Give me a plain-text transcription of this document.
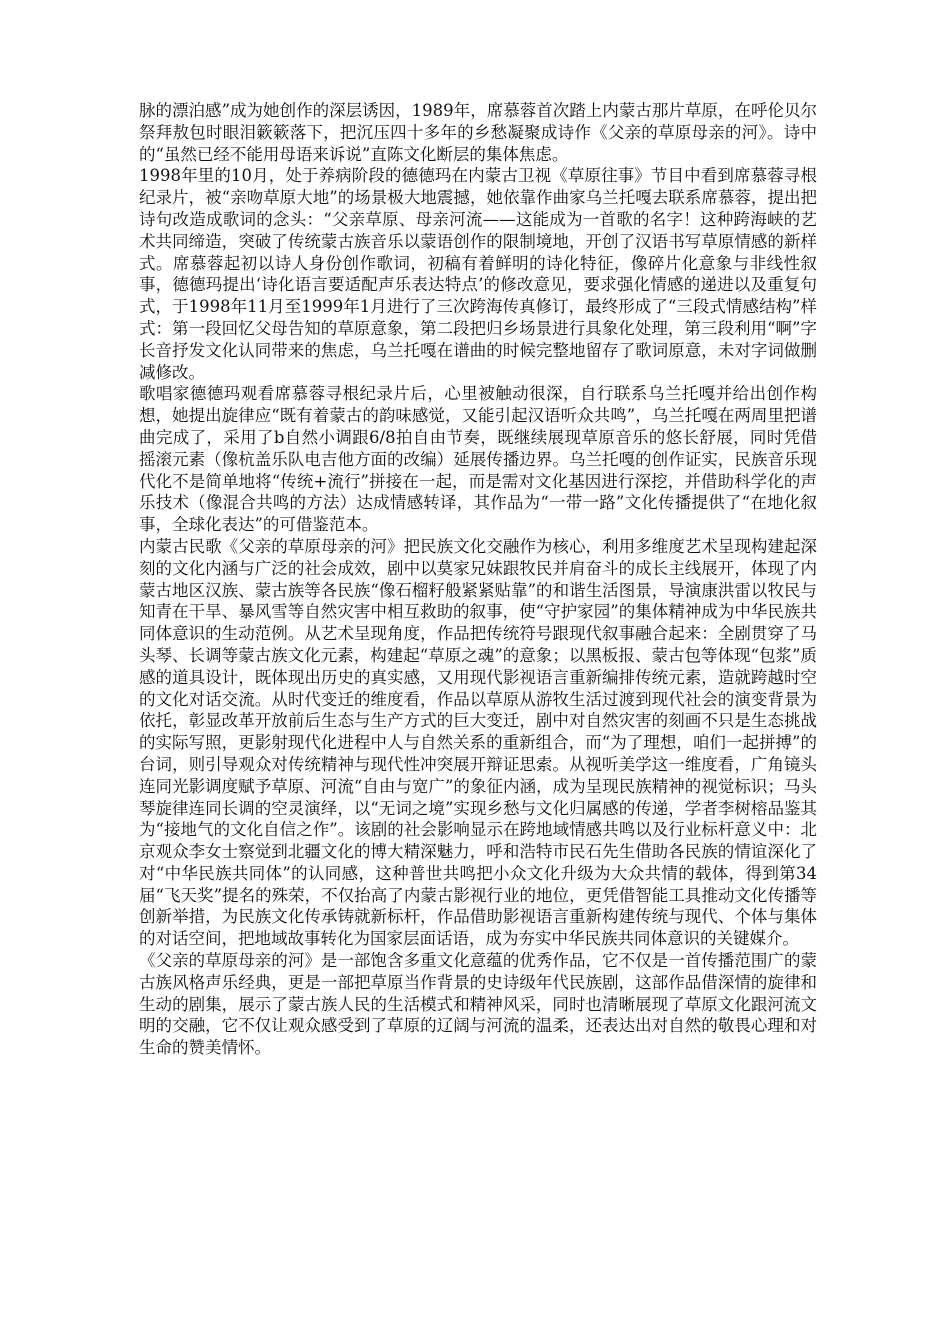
脉的漂泊感”成为她创作的深层诱因，1989年，席慕蓉首次踏上内蒙古那片草原，在呼伦贝尔祭拜敖包时眼泪簌簌落下，把沉压四十多年的乡愁凝聚成诗作《父亲的草原母亲的河》。诗中的“虽然已经不能用母语来诉说”直陈文化断层的集体焦虑。

1998年里的10月，处于养病阶段的德德玛在内蒙古卫视《草原往事》节目中看到席慕蓉寻根纪录片，被“亲吻草原大地”的场景极大地震撼，她依靠作曲家乌兰托嘎去联系席慕蓉，提出把诗句改造成歌词的念头：“父亲草原、母亲河流——这能成为一首歌的名字！这种跨海峡的艺术共同缔造，突破了传统蒙古族音乐以蒙语创作的限制境地，开创了汉语书写草原情感的新样式。席慕蓉起初以诗人身份创作歌词，初稿有着鲜明的诗化特征，像碎片化意象与非线性叙事，德德玛提出‘诗化语言要适配声乐表达特点’的修改意见，要求强化情感的递进以及重复句式，于1998年11月至1999年1月进行了三次跨海传真修订，最终形成了“三段式情感结构”样式：第一段回忆父母告知的草原意象，第二段把归乡场景进行具象化处理，第三段利用“啊”字长音抒发文化认同带来的焦虑，乌兰托嘎在谱曲的时候完整地留存了歌词原意，未对字词做删减修改。

歌唱家德德玛观看席慕蓉寻根纪录片后，心里被触动很深，自行联系乌兰托嘎并给出创作构想，她提出旋律应“既有着蒙古的韵味感觉，又能引起汉语听众共鸣”，乌兰托嘎在两周里把谱曲完成了，采用了b自然小调跟6/8拍自由节奏，既继续展现草原音乐的悠长舒展，同时凭借摇滚元素（像杭盖乐队电吉他方面的改编）延展传播边界。乌兰托嘎的创作证实，民族音乐现代化不是简单地将“传统+流行”拼接在一起，而是需对文化基因进行深挖，并借助科学化的声乐技术（像混合共鸣的方法）达成情感转译，其作品为“一带一路”文化传播提供了“在地化叙事，全球化表达”的可借鉴范本。

内蒙古民歌《父亲的草原母亲的河》把民族文化交融作为核心，利用多维度艺术呈现构建起深刻的文化内涵与广泛的社会成效，剧中以莫家兄妹跟牧民并肩奋斗的成长主线展开，体现了内蒙古地区汉族、蒙古族等各民族“像石榴籽般紧紧贴靠”的和谐生活图景，导演康洪雷以牧民与知青在干旱、暴风雪等自然灾害中相互救助的叙事，使“守护家园”的集体精神成为中华民族共同体意识的生动范例。从艺术呈现角度，作品把传统符号跟现代叙事融合起来：全剧贯穿了马头琴、长调等蒙古族文化元素，构建起“草原之魂”的意象；以黑板报、蒙古包等体现“包浆”质感的道具设计，既体现出历史的真实感，又用现代影视语言重新编排传统元素，造就跨越时空的文化对话交流。从时代变迁的维度看，作品以草原从游牧生活过渡到现代社会的演变背景为依托，彰显改革开放前后生态与生产方式的巨大变迁，剧中对自然灾害的刻画不只是生态挑战的实际写照，更影射现代化进程中人与自然关系的重新组合，而“为了理想，咱们一起拼搏”的台词，则引导观众对传统精神与现代性冲突展开辩证思索。从视听美学这一维度看，广角镜头连同光影调度赋予草原、河流“自由与宽广”的象征内涵，成为呈现民族精神的视觉标识；马头琴旋律连同长调的空灵演绎，以“无词之境”实现乡愁与文化归属感的传递，学者李树榕品鉴其为“接地气的文化自信之作”。该剧的社会影响显示在跨地域情感共鸣以及行业标杆意义中：北京观众李女士察觉到北疆文化的博大精深魅力，呼和浩特市民石先生借助各民族的情谊深化了对“中华民族共同体”的认同感，这种普世共鸣把小众文化升级为大众共情的载体，得到第34届“飞天奖”提名的殊荣，不仅抬高了内蒙古影视行业的地位，更凭借智能工具推动文化传播等创新举措，为民族文化传承铸就新标杆，作品借助影视语言重新构建传统与现代、个体与集体的对话空间，把地域故事转化为国家层面话语，成为夯实中华民族共同体意识的关键媒介。

《父亲的草原母亲的河》是一部饱含多重文化意蕴的优秀作品，它不仅是一首传播范围广的蒙古族风格声乐经典，更是一部把草原当作背景的史诗级年代民族剧，这部作品借深情的旋律和生动的剧集，展示了蒙古族人民的生活模式和精神风采，同时也清晰展现了草原文化跟河流文明的交融，它不仅让观众感受到了草原的辽阔与河流的温柔，还表达出对自然的敬畏心理和对生命的赞美情怀。
